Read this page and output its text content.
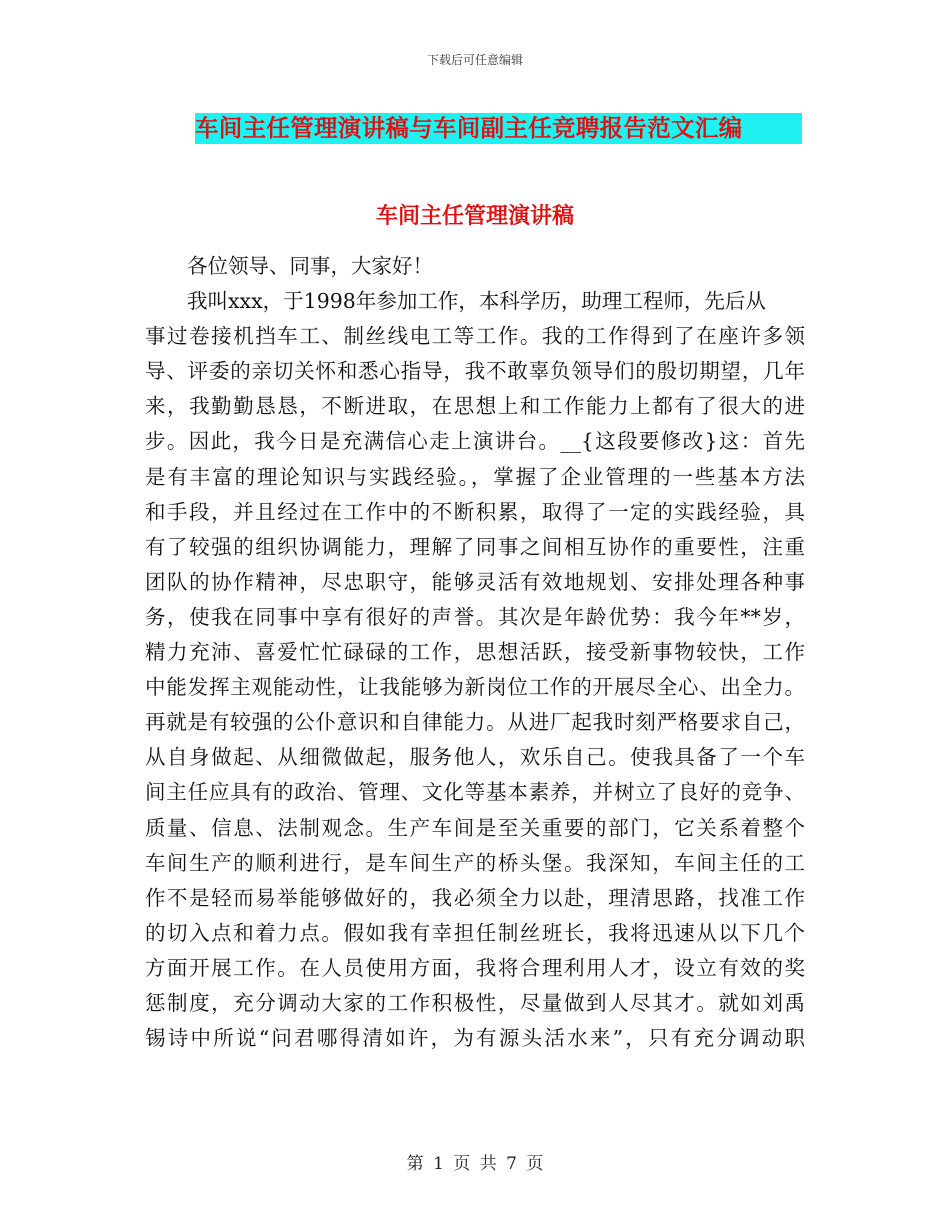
下载后可任意编辑
车间主任管理演讲稿与车间副主任竞聘报告范文汇编
车间主任管理演讲稿
各位领导、同事，大家好！
我叫xxx，于1998年参加工作，本科学历，助理工程师，先后从
事过卷接机挡车工、制丝线电工等工作。我的工作得到了在座许多领
导、评委的亲切关怀和悉心指导，我不敢辜负领导们的殷切期望，几年
来，我勤勤恳恳，不断进取，在思想上和工作能力上都有了很大的进
步。因此，我今日是充满信心走上演讲台。__{这段要修改}这：首先
是有丰富的理论知识与实践经验。，掌握了企业管理的一些基本方法
和手段，并且经过在工作中的不断积累，取得了一定的实践经验，具
有了较强的组织协调能力，理解了同事之间相互协作的重要性，注重
团队的协作精神，尽忠职守，能够灵活有效地规划、安排处理各种事
务，使我在同事中享有很好的声誉。其次是年龄优势：我今年**岁，
精力充沛、喜爱忙忙碌碌的工作，思想活跃，接受新事物较快，工作
中能发挥主观能动性，让我能够为新岗位工作的开展尽全心、出全力。
再就是有较强的公仆意识和自律能力。从进厂起我时刻严格要求自己，
从自身做起、从细微做起，服务他人，欢乐自己。使我具备了一个车
间主任应具有的政治、管理、文化等基本素养，并树立了良好的竞争、
质量、信息、法制观念。生产车间是至关重要的部门，它关系着整个
车间生产的顺利进行，是车间生产的桥头堡。我深知，车间主任的工
作不是轻而易举能够做好的，我必须全力以赴，理清思路，找准工作
的切入点和着力点。假如我有幸担任制丝班长，我将迅速从以下几个
方面开展工作。在人员使用方面，我将合理利用人才，设立有效的奖
惩制度，充分调动大家的工作积极性，尽量做到人尽其才。就如刘禹
锡诗中所说“问君哪得清如许，为有源头活水来”，只有充分调动职
第 1 页 共 7 页
